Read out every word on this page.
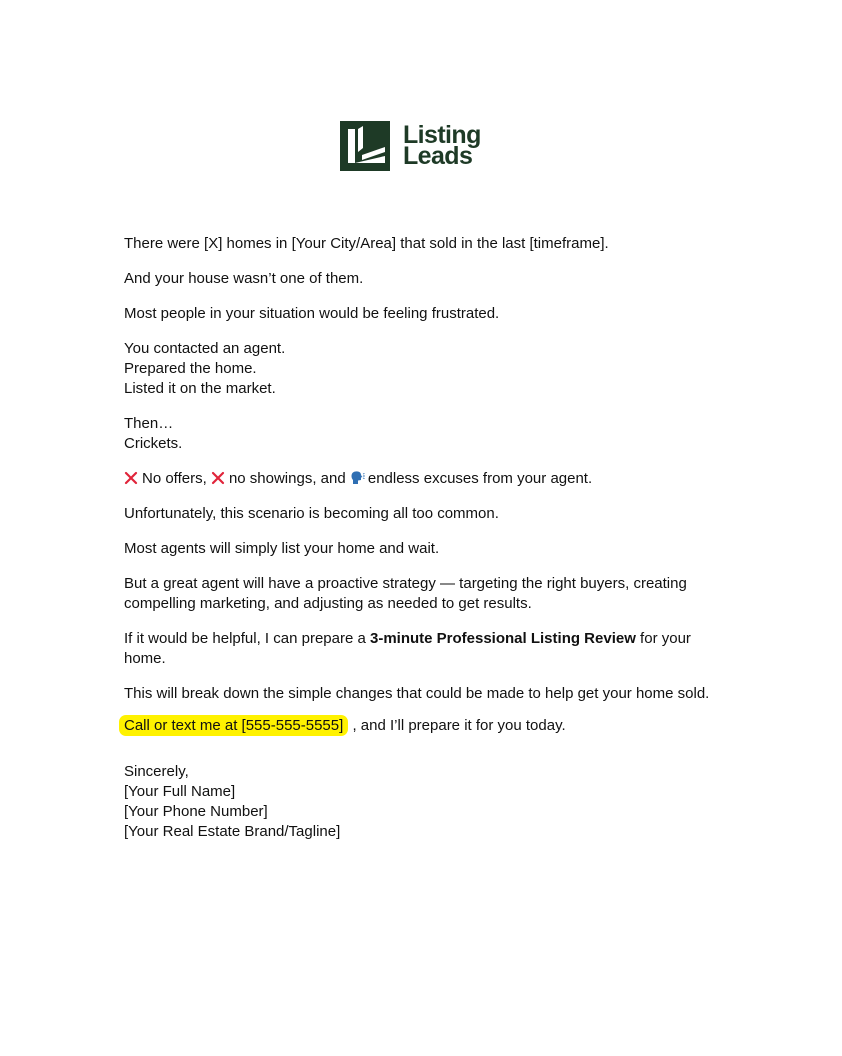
Listing
Leads
There were [X] homes in [Your City/Area] that sold in the last [timeframe].
And your house wasn’t one of them.
Most people in your situation would be feeling frustrated.
You contacted an agent.
Prepared the home.
Listed it on the market.
Then…
Crickets.
No offers, no showings, and endless excuses from your agent.
Unfortunately, this scenario is becoming all too common.
Most agents will simply list your home and wait.
But a great agent will have a proactive strategy — targeting the right buyers, creating
compelling marketing, and adjusting as needed to get results.
If it would be helpful, I can prepare a 3-minute Professional Listing Review for your
home.
This will break down the simple changes that could be made to help get your home sold.
Call or text me at [555-555-5555] , and I’ll prepare it for you today.
Sincerely,
[Your Full Name]
[Your Phone Number]
[Your Real Estate Brand/Tagline]
